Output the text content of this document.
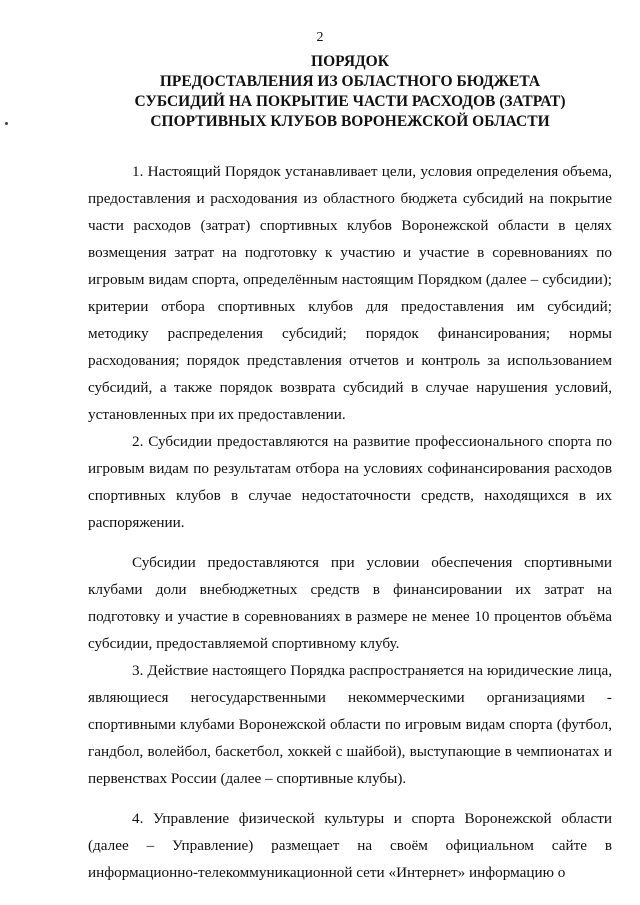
2
ПОРЯДОК
ПРЕДОСТАВЛЕНИЯ ИЗ ОБЛАСТНОГО БЮДЖЕТА
СУБСИДИЙ НА ПОКРЫТИЕ ЧАСТИ РАСХОДОВ (ЗАТРАТ)
СПОРТИВНЫХ КЛУБОВ ВОРОНЕЖСКОЙ ОБЛАСТИ

1. Настоящий Порядок устанавливает цели, условия определения объема, предоставления и расходования из областного бюджета субсидий на покрытие части расходов (затрат) спортивных клубов Воронежской области в целях возмещения затрат на подготовку к участию и участие в соревнованиях по игровым видам спорта, определённым настоящим Порядком (далее – субсидии); критерии отбора спортивных клубов для предоставления им субсидий; методику распределения субсидий; порядок финансирования; нормы расходования; порядок представления отчетов и контроль за использованием субсидий, а также порядок возврата субсидий в случае нарушения условий, установленных при их предоставлении.

2. Субсидии предоставляются на развитие профессионального спорта по игровым видам по результатам отбора на условиях софинансирования расходов спортивных клубов в случае недостаточности средств, находящихся в их распоряжении.

Субсидии предоставляются при условии обеспечения спортивными клубами доли внебюджетных средств в финансировании их затрат на подготовку и участие в соревнованиях в размере не менее 10 процентов объёма субсидии, предоставляемой спортивному клубу.

3. Действие настоящего Порядка распространяется на юридические лица, являющиеся негосударственными некоммерческими организациями - спортивными клубами Воронежской области по игровым видам спорта (футбол, гандбол, волейбол, баскетбол, хоккей с шайбой), выступающие в чемпионатах и первенствах России (далее – спортивные клубы).

4. Управление физической культуры и спорта Воронежской области (далее – Управление) размещает на своём официальном сайте в информационно-телекоммуникационной сети «Интернет» информацию о
